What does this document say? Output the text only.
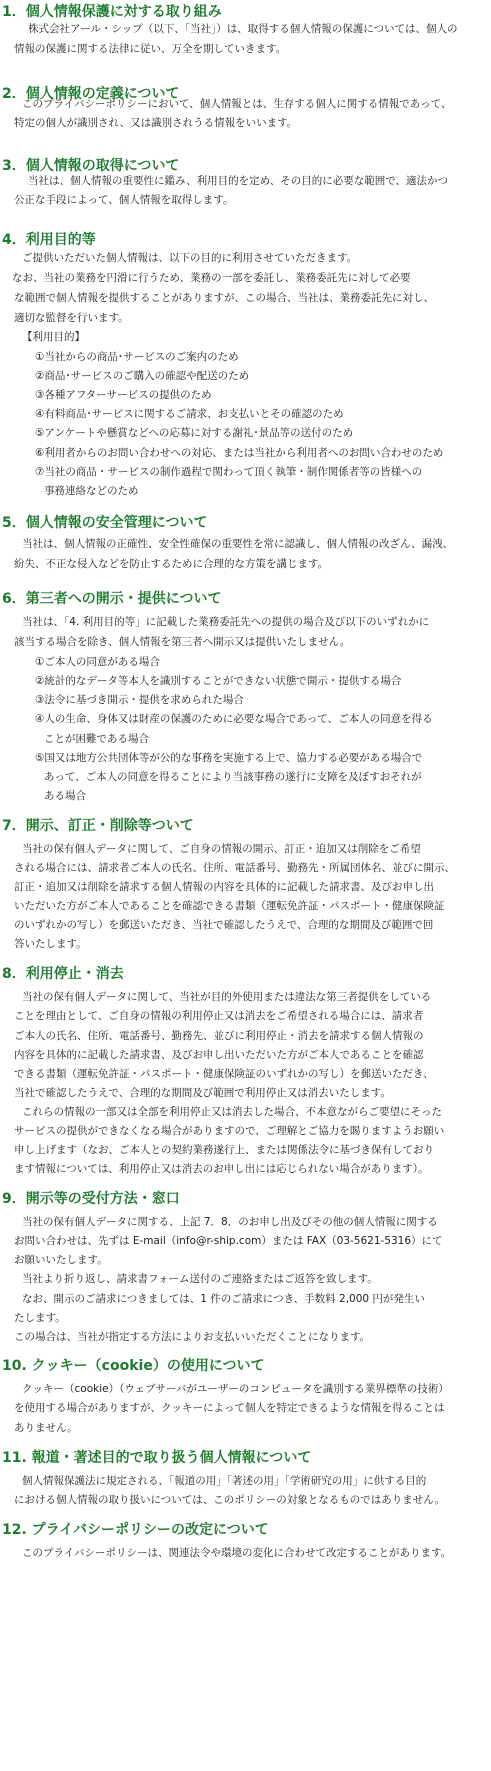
1．個人情報保護に対する取り組み

株式会社アール・シップ（以下、「当社」）は、取得する個人情報の保護については、個人の

情報の保護に関する法律に従い、万全を期していきます。

2．個人情報の定義について

このプライバシーポリシーにおいて、個人情報とは、生存する個人に関する情報であって、

特定の個人が識別され、又は識別されうる情報をいいます。

3．個人情報の取得について

当社は、個人情報の重要性に鑑み、利用目的を定め、その目的に必要な範囲で、適法かつ

公正な手段によって、個人情報を取得します。

4．利用目的等

ご提供いただいた個人情報は、以下の目的に利用させていただきます。

なお、当社の業務を円滑に行うため、業務の一部を委託し、業務委託先に対して必要

な範囲で個人情報を提供することがありますが、この場合、当社は、業務委託先に対し、

適切な監督を行います。

【利用目的】

①当社からの商品･サービスのご案内のため

②商品･サービスのご購入の確認や配送のため

③各種アフターサービスの提供のため

④有料商品･サービスに関するご請求、お支払いとその確認のため

⑤アンケートや懸賞などへの応募に対する謝礼･景品等の送付のため

⑥利用者からのお問い合わせへの対応、または当社から利用者へのお問い合わせのため

⑦当社の商品・サービスの制作過程で関わって頂く執筆・制作関係者等の皆様への

事務連絡などのため

5．個人情報の安全管理について

当社は、個人情報の正確性、安全性確保の重要性を常に認識し、個人情報の改ざん、漏洩、

紛失、不正な侵入などを防止するために合理的な方策を講じます。

6．第三者への開示・提供について

当社は、「4. 利用目的等」に記載した業務委託先への提供の場合及び以下のいずれかに

該当する場合を除き、個人情報を第三者へ開示又は提供いたしません。

①ご本人の同意がある場合

②統計的なデータ等本人を識別することができない状態で開示・提供する場合

③法令に基づき開示・提供を求められた場合

④人の生命、身体又は財産の保護のために必要な場合であって、ご本人の同意を得る

ことが困難である場合

⑤国又は地方公共団体等が公的な事務を実施する上で、協力する必要がある場合で

あって、ご本人の同意を得ることにより当該事務の遂行に支障を及ぼすおそれが

ある場合

7．開示、訂正・削除等ついて

当社の保有個人データに関して、ご自身の情報の開示、訂正・追加又は削除をご希望

される場合には、請求者ご本人の氏名、住所、電話番号、勤務先・所属団体名、並びに開示、

訂正・追加又は削除を請求する個人情報の内容を具体的に記載した請求書、及びお申し出

いただいた方がご本人であることを確認できる書類（運転免許証・パスポート・健康保険証

のいずれかの写し）を郵送いただき、当社で確認したうえで、合理的な期間及び範囲で回

答いたします。

8．利用停止・消去

当社の保有個人データに関して、当社が目的外使用または違法な第三者提供をしている

ことを理由として、ご自身の情報の利用停止又は消去をご希望される場合には、請求者

ご本人の氏名、住所、電話番号、勤務先、並びに利用停止・消去を請求する個人情報の

内容を具体的に記載した請求書、及びお申し出いただいた方がご本人であることを確認

できる書類（運転免許証・パスポート・健康保険証のいずれかの写し）を郵送いただき、

当社で確認したうえで、合理的な期間及び範囲で利用停止又は消去いたします。

これらの情報の一部又は全部を利用停止又は消去した場合、不本意ながらご要望にそった

サービスの提供ができなくなる場合がありますので、ご理解とご協力を賜りますようお願い

申し上げます（なお、ご本人との契約業務遂行上、または関係法令に基づき保有しており

ます情報については、利用停止又は消去のお申し出には応じられない場合があります）。

9．開示等の受付方法・窓口

当社の保有個人データに関する、上記 7．8．のお申し出及びその他の個人情報に関する

お問い合わせは、先ずは E-mail（info@r-ship.com）または FAX（03-5621-5316）にて

お願いいたします。

当社より折り返し、請求書フォーム送付のご連絡またはご返答を致します。

なお、開示のご請求につきましては、1 件のご請求につき、手数料 2,000 円が発生い

たします。

この場合は、当社が指定する方法によりお支払いいただくことになります。

10. クッキー（cookie）の使用について

クッキー（cookie）（ウェブサーバがユーザーのコンピュータを識別する業界標準の技術）

を使用する場合がありますが、クッキーによって個人を特定できるような情報を得ることは

ありません。

11. 報道・著述目的で取り扱う個人情報について

個人情報保護法に規定される、「報道の用」「著述の用」「学術研究の用」に供する目的

における個人情報の取り扱いについては、このポリシーの対象となるものではありません。

12. プライバシーポリシーの改定について

このプライバシーポリシーは、関連法令や環境の変化に合わせて改定することがあります。
